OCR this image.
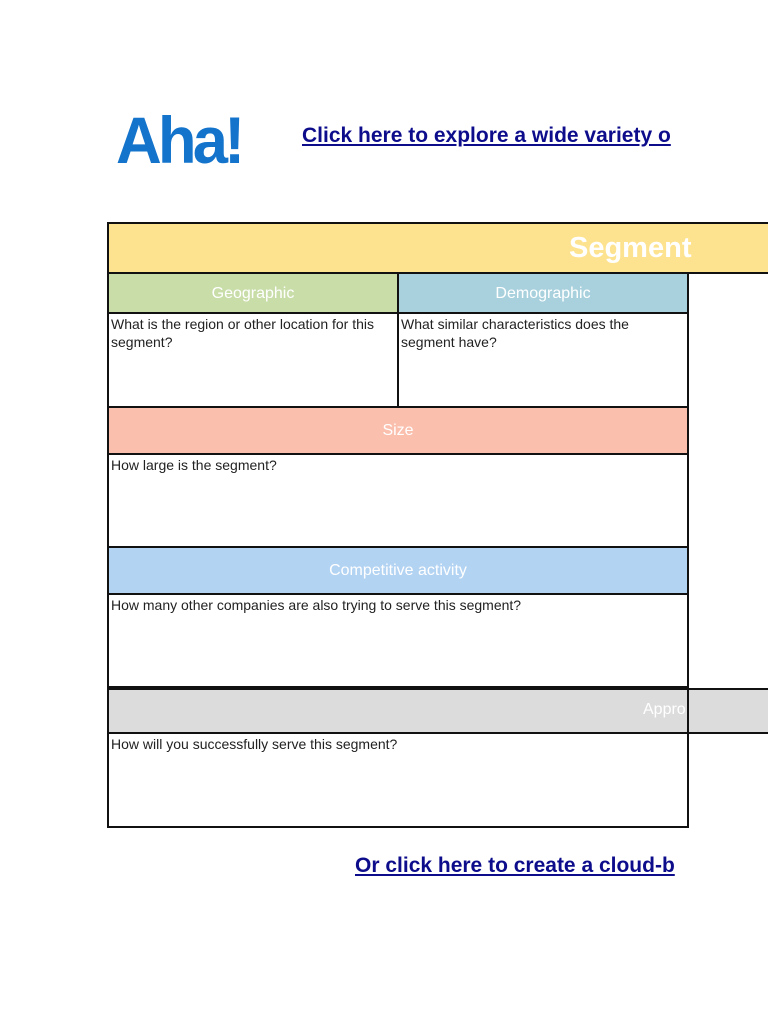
Aha!	Click here to explore a wide variety o
Segment
Geographic	Demographic
What is the region or other location for this segment?
What similar characteristics does the segment have?
Size
How large is the segment?
Competitive activity
How many other companies are also trying to serve this segment?
How will you successfully serve this segment?
Appro
Or click here to create a cloud-b
